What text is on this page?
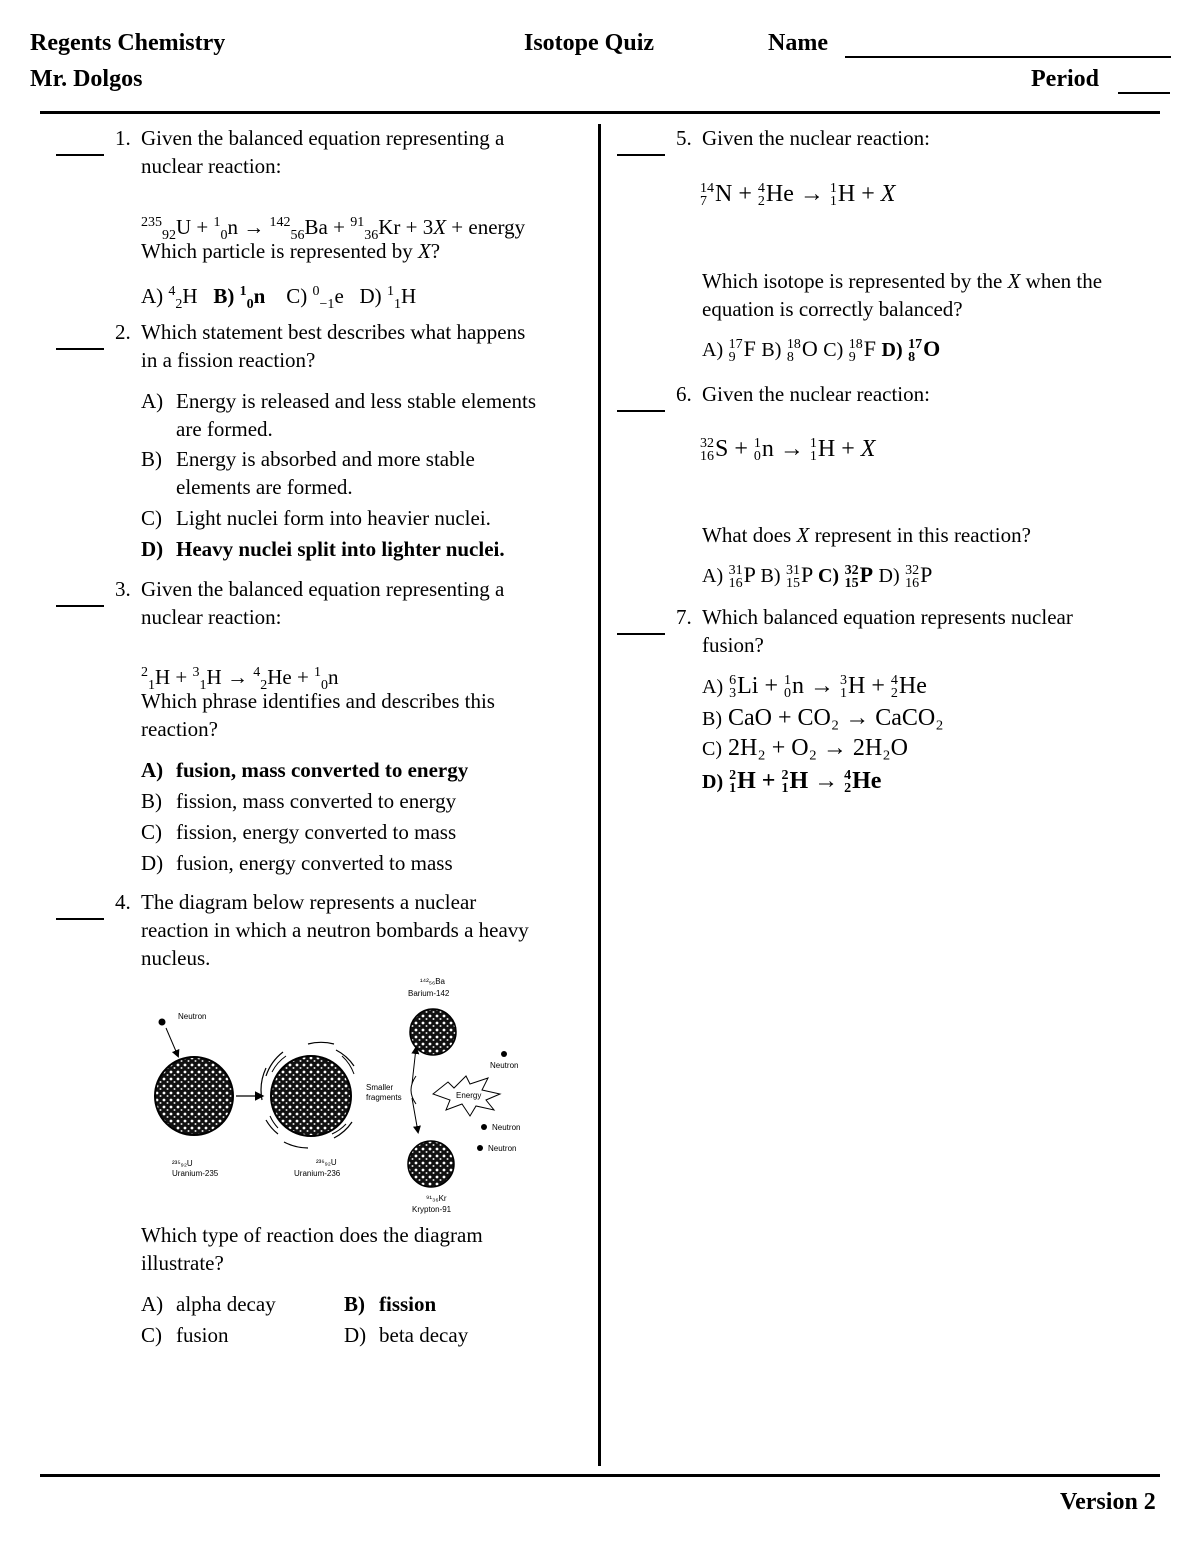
Regents Chemistry	Isotope Quiz	Name
Mr. Dolgos	Period
Version 2
1. Given the balanced equation representing a
nuclear reaction:
$^{235}_{92}$U + $^1_0$n → $^{142}_{56}$Ba + $^{91}_{36}$Kr + 3X + energy
Which particle is represented by X?
A) $^4_2$H B) $^1_0$n C) $^0_{-1}$e D) $^1_1$H
2. Which statement best describes what happens
in a fission reaction?
A) Energy is released and less stable elements
are formed.
B) Energy is absorbed and more stable
elements are formed.
C) Light nuclei form into heavier nuclei.
D) Heavy nuclei split into lighter nuclei.
3. Given the balanced equation representing a
nuclear reaction:
$^2_1$H + $^3_1$H → $^4_2$He + $^1_0$n
Which phrase identifies and describes this
reaction?
A) fusion, mass converted to energy
B) fission, mass converted to energy
C) fission, energy converted to mass
D) fusion, energy converted to mass
4. The diagram below represents a nuclear
reaction in which a neutron bombards a heavy
nucleus.
Neutron
²³⁵₉₂U
Uranium-235
²³⁶₉₂U
Uranium-236
Smaller
fragments
¹⁴²₅₆Ba
Barium-142
⁹¹₃₆Kr
Krypton-91
Energy
Neutron
Neutron
Neutron
Which type of reaction does the diagram
illustrate?
A) alpha decay	B) fission
C) fusion	D) beta decay
5. Given the nuclear reaction:
14
7 N + 4
2 He → 1
1 H + X
Which isotope is represented by the X when the
equation is correctly balanced?
A) 17
9 F B) 18
8 O C) 18
9 F D) 17
8 O
6. Given the nuclear reaction:
32
16 S + 1
0 n → 1
1 H + X
What does X represent in this reaction?
A) 31
16 P B) 31
15 P C) 32
15 P D) 32
16 P
7. Which balanced equation represents nuclear
fusion?
A) 6
3 Li + 1
0 n → 3
1 H + 4
2 He
B) CaO + CO₂ → CaCO₂
C) 2H₂ + O₂ → 2H₂O
D) 2
1 H + 2
1 H → 4
2 He
